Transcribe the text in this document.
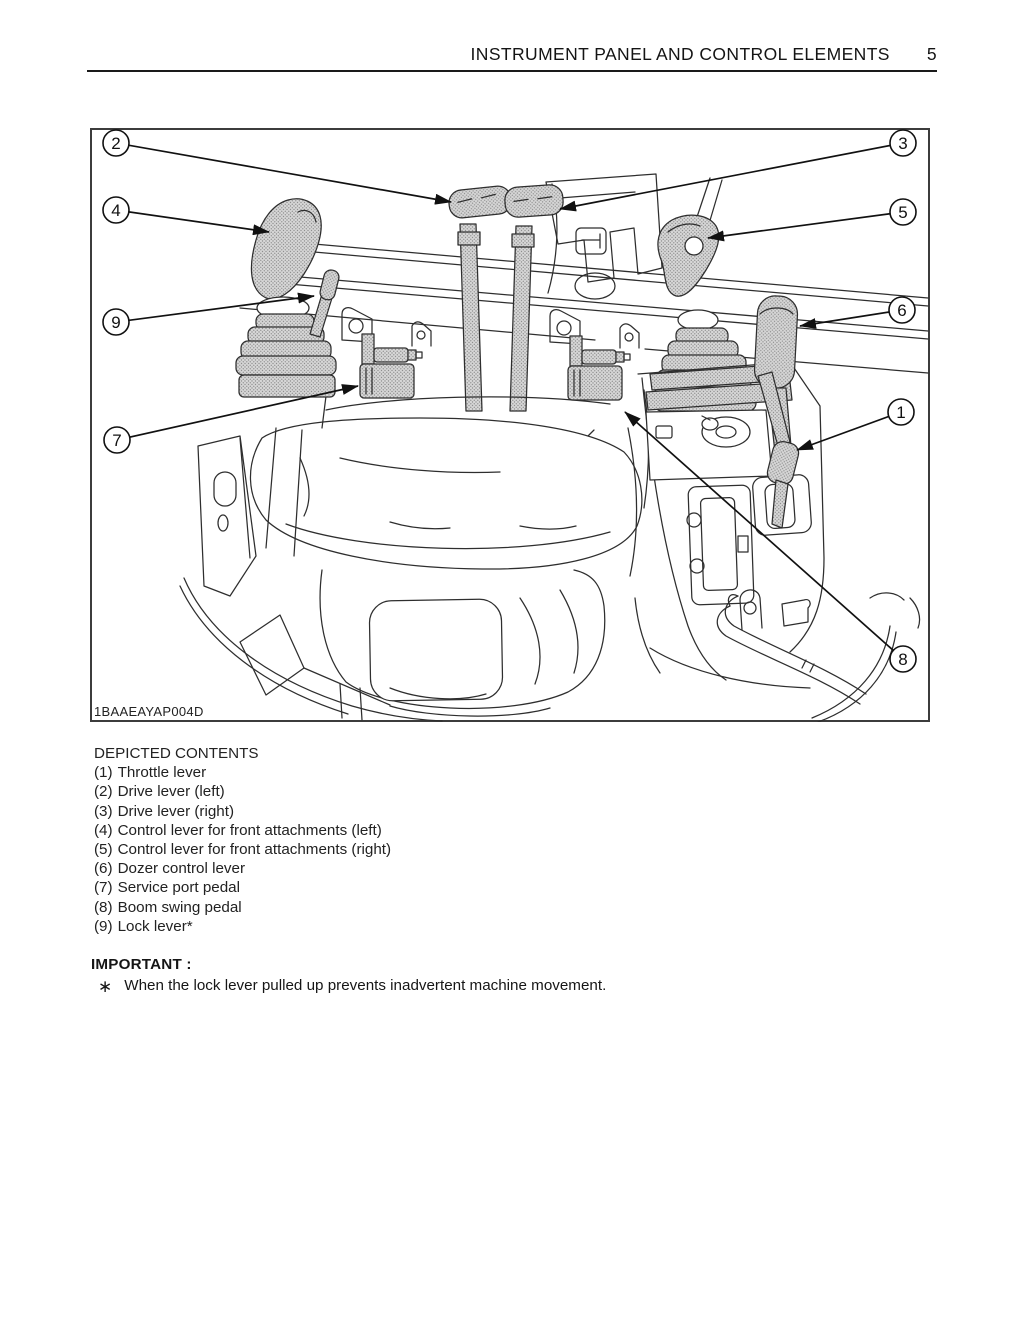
INSTRUMENT PANEL AND CONTROL ELEMENTS 5
2	3
4	5
9
6
7
1
8
1BAAEAYAP004D
DEPICTED CONTENTS
(1) Throttle lever
(2) Drive lever (left)
(3) Drive lever (right)
(4) Control lever for front attachments (left)
(5) Control lever for front attachments (right)
(6) Dozer control lever
(7) Service port pedal
(8) Boom swing pedal
(9) Lock lever*
IMPORTANT :
∗ When the lock lever pulled up prevents inadvertent machine movement.
